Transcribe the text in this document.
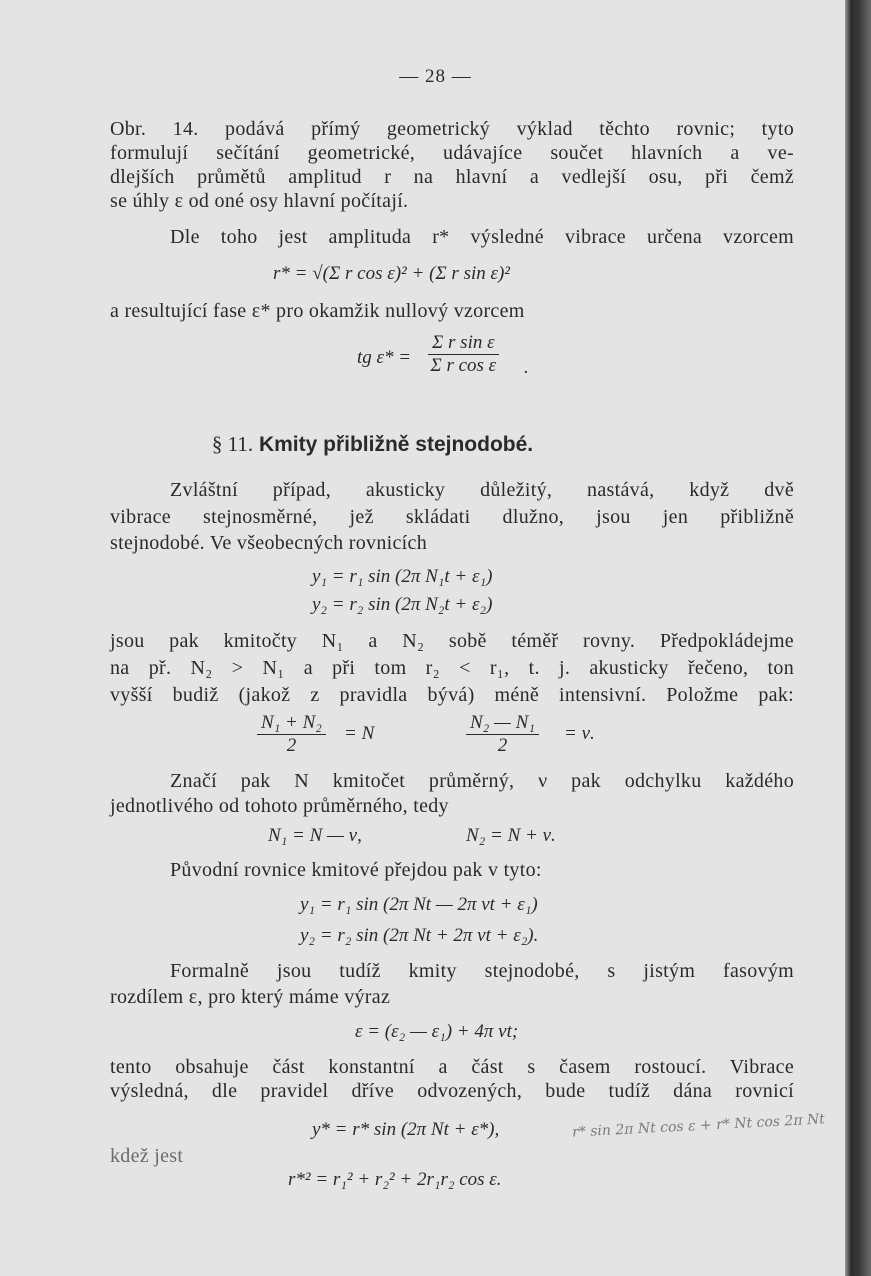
— 28 —
Obr. 14. podává přímý geometrický výklad těchto rovnic; tyto
formulují sečítání geometrické, udávajíce součet hlavních a ve-
dlejších průmětů amplitud r na hlavní a vedlejší osu, při čemž
se úhly ε od oné osy hlavní počítají.
Dle toho jest amplituda r* výsledné vibrace určena vzorcem
r* = √(Σ r cos ε)² + (Σ r sin ε)²
a resultující fase ε* pro okamžik nullový vzorcem
tg $\varepsilon* = \frac{\text{Σ r sin ε}}{\text{Σ r cos ε}}$ .
§ 11. Kmity přibližně stejnodobé.
Zvláštní případ, akusticky důležitý, nastává, když dvě
vibrace stejnosměrné, jež skládati dlužno, jsou jen přibližně
stejnodobé. Ve všeobecných rovnicích
y₁ = r₁ sin (2π N₁t + ε₁)
y₂ = r₂ sin (2π N₂t + ε₂)
jsou pak kmitočty N₁ a N₂ sobě téměř rovny. Předpokládejme
na př. N₂ > N₁ a při tom r₂ < r₁, t. j. akusticky řečeno, ton
vyšší budiž (jakož z pravidla bývá) méně intensivní. Položme pak:
$\frac{\text{N₁ + N₂}}{2} = N$	$\frac{\text{N₂ — N₁}}{2} = \nu$.
Značí pak N kmitočet průměrný, ν pak odchylku každého
jednotlivého od tohoto průměrného, tedy
N₁ = N — ν,	N₂ = N + ν.
Původní rovnice kmitové přejdou pak v tyto:
y₁ = r₁ sin (2π Nt — 2π νt + ε₁)
y₂ = r₂ sin (2π Nt + 2π νt + ε₂).
Formalně jsou tudíž kmity stejnodobé, s jistým fasovým
rozdílem ε, pro který máme výraz
ε = (ε₂ — ε₁) + 4π νt;
tento obsahuje část konstantní a část s časem rostoucí. Vibrace
výsledná, dle pravidel dříve odvozených, bude tudíž dána rovnicí
y* = r* sin (2π Nt + ε*),	r* sin 2π Nt cos ε + r* Nt cos 2π Nt
kdež jest
r*² = r₁² + r₂² + 2r₁r₂ cos ε.
